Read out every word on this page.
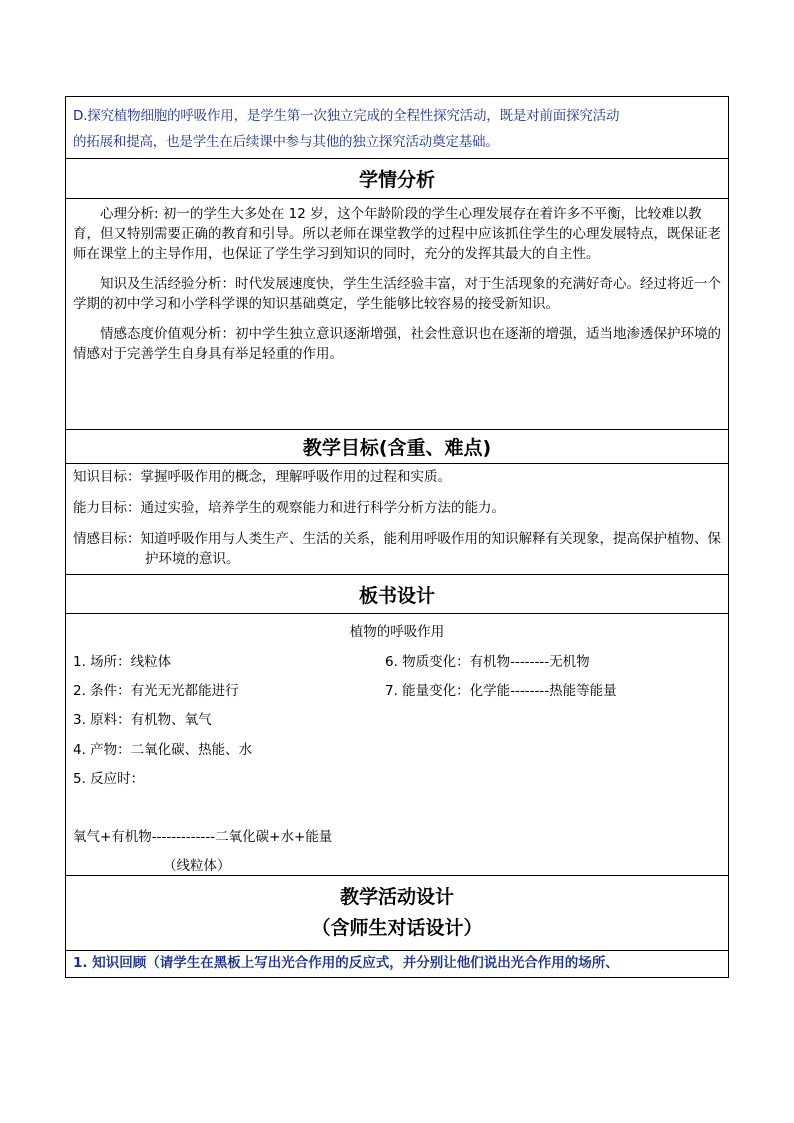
D.探究植物细胞的呼吸作用，是学生第一次独立完成的全程性探究活动，既是对前面探究活动
的拓展和提高，也是学生在后续课中参与其他的独立探究活动奠定基础。

学情分析

心理分析: 初一的学生大多处在 12 岁，这个年龄阶段的学生心理发展存在着许多不平衡，比较难以教育，但又特别需要正确的教育和引导。所以老师在课堂教学的过程中应该抓住学生的心理发展特点，既保证老师在课堂上的主导作用，也保证了学生学习到知识的同时，充分的发挥其最大的自主性。

知识及生活经验分析：时代发展速度快，学生生活经验丰富，对于生活现象的充满好奇心。经过将近一个学期的初中学习和小学科学课的知识基础奠定，学生能够比较容易的接受新知识。

情感态度价值观分析：初中学生独立意识逐渐增强，社会性意识也在逐渐的增强，适当地渗透保护环境的情感对于完善学生自身具有举足轻重的作用。

教学目标(含重、难点)

知识目标：掌握呼吸作用的概念，理解呼吸作用的过程和实质。

能力目标：通过实验，培养学生的观察能力和进行科学分析方法的能力。

情感目标：知道呼吸作用与人类生产、生活的关系，能利用呼吸作用的知识解释有关现象，提高保护植物、保护环境的意识。

板书设计

植物的呼吸作用
1. 场所：线粒体	6. 物质变化：有机物--------无机物
2. 条件：有光无光都能进行	7. 能量变化：化学能--------热能等能量
3. 原料：有机物、氧气
4. 产物：二氧化碳、热能、水
5. 反应时：
氧气+有机物-------------二氧化碳+水+能量
（线粒体）

教学活动设计
（含师生对话设计）

1. 知识回顾（请学生在黑板上写出光合作用的反应式，并分别让他们说出光合作用的场所、
